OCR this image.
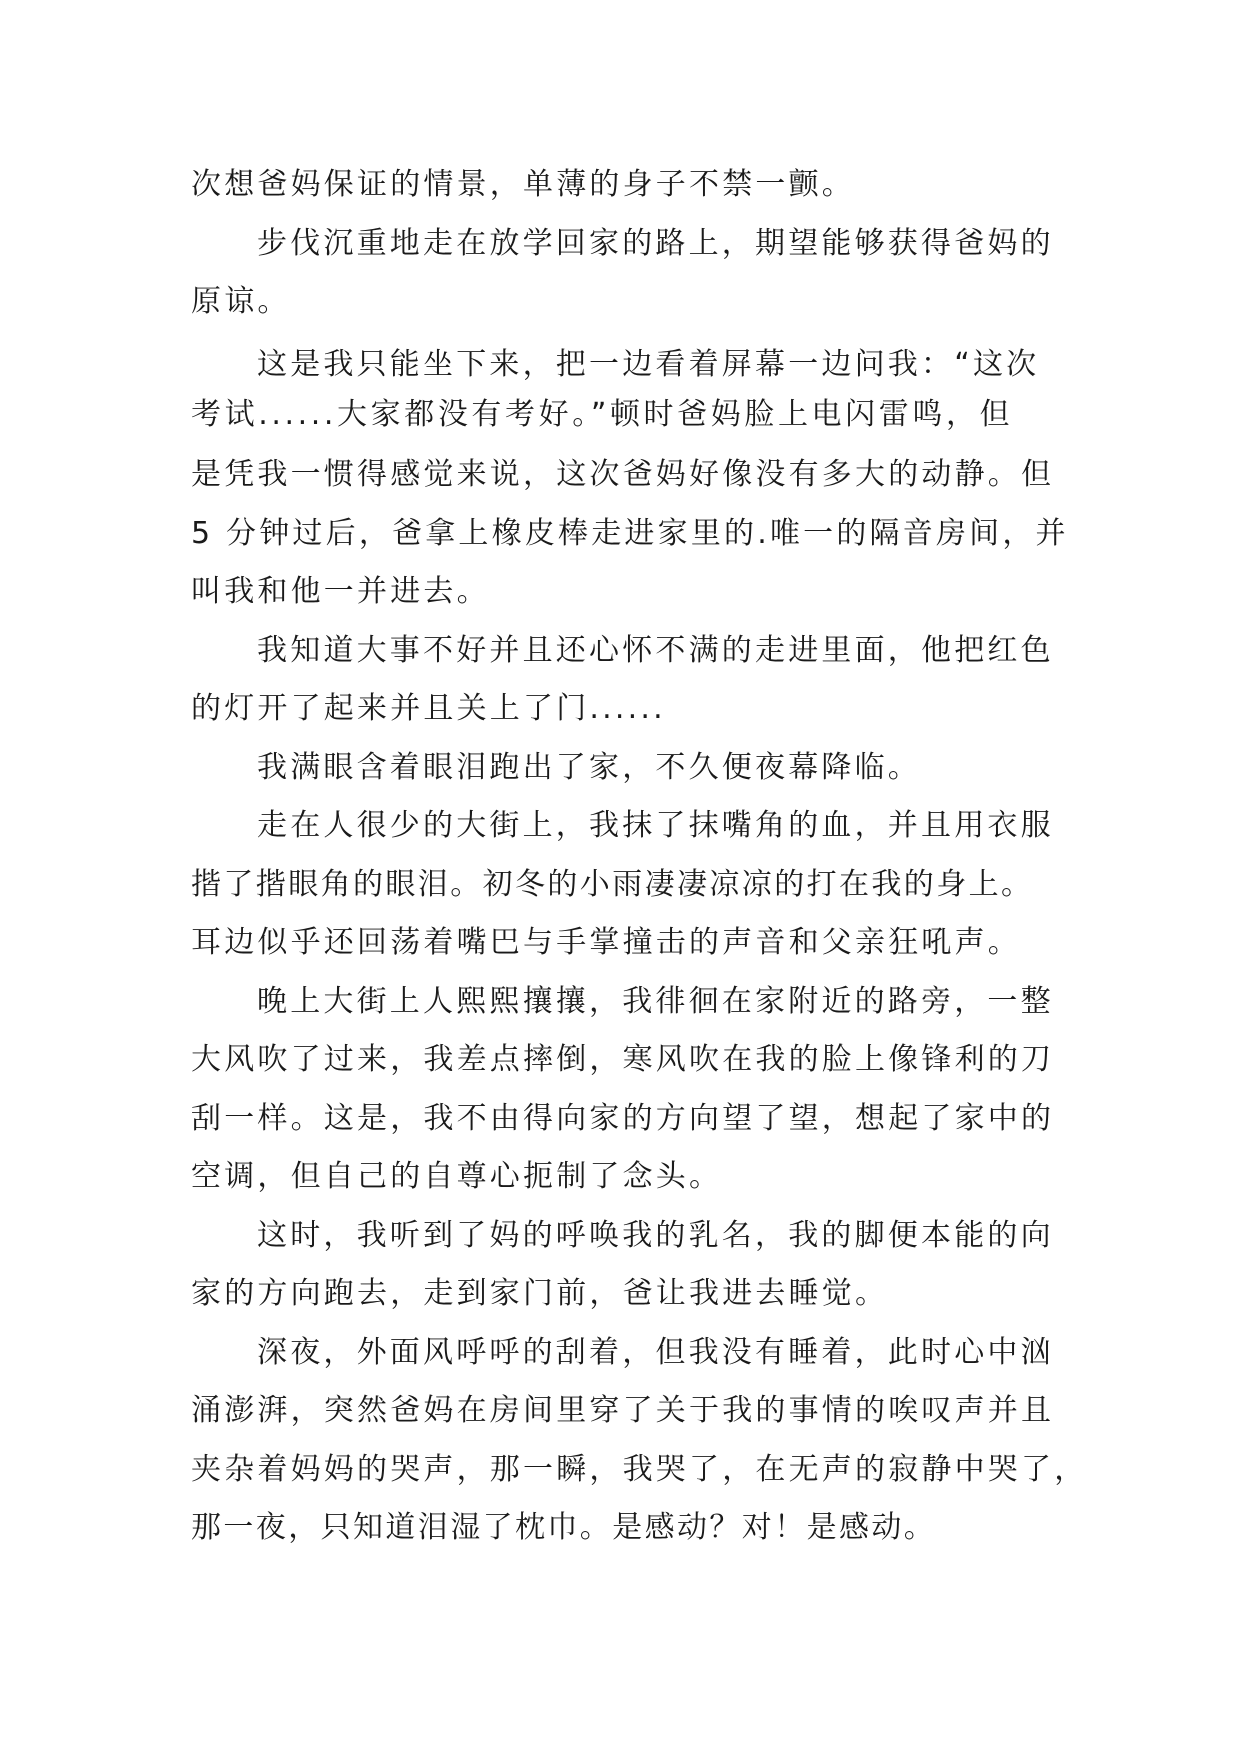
次想爸妈保证的情景，单薄的身子不禁一颤。
步伐沉重地走在放学回家的路上，期望能够获得爸妈的
原谅。
这是我只能坐下来，把一边看着屏幕一边问我：“这次
考试......大家都没有考好。”顿时爸妈脸上电闪雷鸣，但
是凭我一惯得感觉来说，这次爸妈好像没有多大的动静。但
5 分钟过后，爸拿上橡皮棒走进家里的.唯一的隔音房间，并
叫我和他一并进去。
我知道大事不好并且还心怀不满的走进里面，他把红色
的灯开了起来并且关上了门......
我满眼含着眼泪跑出了家，不久便夜幕降临。
走在人很少的大街上，我抹了抹嘴角的血，并且用衣服
揩了揩眼角的眼泪。初冬的小雨凄凄凉凉的打在我的身上。
耳边似乎还回荡着嘴巴与手掌撞击的声音和父亲狂吼声。
晚上大街上人熙熙攘攘，我徘徊在家附近的路旁，一整
大风吹了过来，我差点摔倒，寒风吹在我的脸上像锋利的刀
刮一样。这是，我不由得向家的方向望了望，想起了家中的
空调，但自己的自尊心扼制了念头。
这时，我听到了妈的呼唤我的乳名，我的脚便本能的向
家的方向跑去，走到家门前，爸让我进去睡觉。
深夜，外面风呼呼的刮着，但我没有睡着，此时心中汹
涌澎湃，突然爸妈在房间里穿了关于我的事情的唉叹声并且
夹杂着妈妈的哭声，那一瞬，我哭了，在无声的寂静中哭了，
那一夜，只知道泪湿了枕巾。是感动？对！是感动。
